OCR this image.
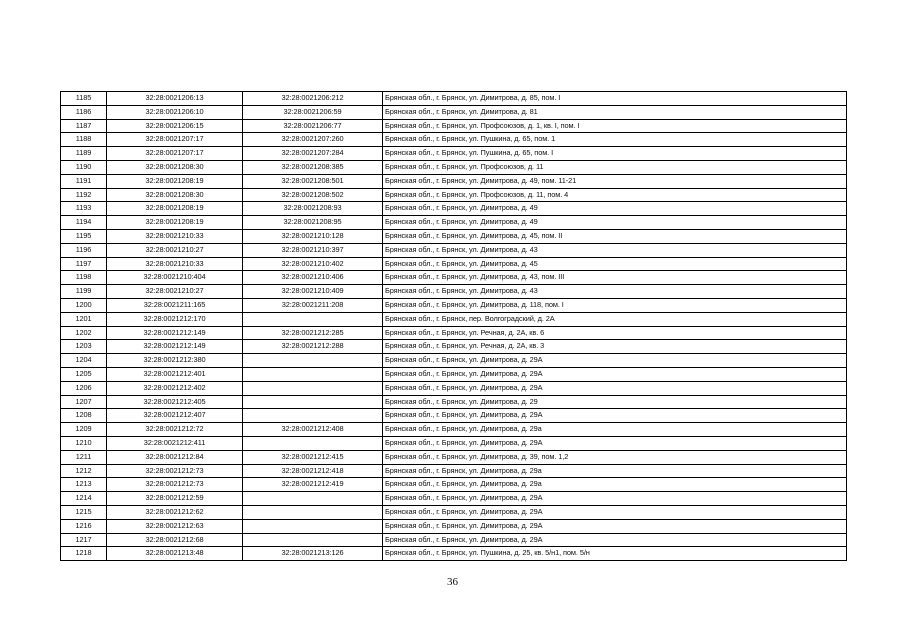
1185	32:28:0021206:13	32:28:0021206:212	Брянская обл., г. Брянск, ул. Димитрова, д. 85, пом. I
1186	32:28:0021206:10	32:28:0021206:59	Брянская обл., г. Брянск, ул. Димитрова, д. 81
1187	32:28:0021206:15	32:28:0021206:77	Брянская обл., г. Брянск, ул. Профсоюзов, д. 1, кв. I, пом. I
1188	32:28:0021207:17	32:28:0021207:260	Брянская обл., г. Брянск, ул. Пушкина, д. 65, пом. 1
1189	32:28:0021207:17	32:28:0021207:284	Брянская обл., г. Брянск, ул. Пушкина, д. 65, пом. I
1190	32:28:0021208:30	32:28:0021208:385	Брянская обл., г. Брянск, ул. Профсоюзов, д. 11
1191	32:28:0021208:19	32:28:0021208:501	Брянская обл., г. Брянск, ул. Димитрова, д. 49, пом. 11-21
1192	32:28:0021208:30	32:28:0021208:502	Брянская обл., г. Брянск, ул. Профсоюзов, д. 11, пом. 4
1193	32:28:0021208:19	32:28:0021208:93	Брянская обл., г. Брянск, ул. Димитрова, д. 49
1194	32:28:0021208:19	32:28:0021208:95	Брянская обл., г. Брянск, ул. Димитрова, д. 49
1195	32:28:0021210:33	32:28:0021210:128	Брянская обл., г. Брянск, ул. Димитрова, д. 45, пом. II
1196	32:28:0021210:27	32:28:0021210:397	Брянская обл., г. Брянск, ул. Димитрова, д. 43
1197	32:28:0021210:33	32:28:0021210:402	Брянская обл., г. Брянск, ул. Димитрова, д. 45
1198	32:28:0021210:404	32:28:0021210:406	Брянская обл., г. Брянск, ул. Димитрова, д. 43, пом. III
1199	32:28:0021210:27	32:28:0021210:409	Брянская обл., г. Брянск, ул. Димитрова, д. 43
1200	32:28:0021211:165	32:28:0021211:208	Брянская обл., г. Брянск, ул. Димитрова, д. 118, пом. I
1201	32:28:0021212:170		Брянская обл., г. Брянск, пер. Волгоградский, д. 2А
1202	32:28:0021212:149	32:28:0021212:285	Брянская обл., г. Брянск, ул. Речная, д. 2А, кв. 6
1203	32:28:0021212:149	32:28:0021212:288	Брянская обл., г. Брянск, ул. Речная, д. 2А, кв. 3
1204	32:28:0021212:380		Брянская обл., г. Брянск, ул. Димитрова, д. 29А
1205	32:28:0021212:401		Брянская обл., г. Брянск, ул. Димитрова, д. 29А
1206	32:28:0021212:402		Брянская обл., г. Брянск, ул. Димитрова, д. 29А
1207	32:28:0021212:405		Брянская обл., г. Брянск, ул. Димитрова, д. 29
1208	32:28:0021212:407		Брянская обл., г. Брянск, ул. Димитрова, д. 29А
1209	32:28:0021212:72	32:28:0021212:408	Брянская обл., г. Брянск, ул. Димитрова, д. 29а
1210	32:28:0021212:411		Брянская обл., г. Брянск, ул. Димитрова, д. 29А
1211	32:28:0021212:84	32:28:0021212:415	Брянская обл., г. Брянск, ул. Димитрова, д. 39, пом. 1,2
1212	32:28:0021212:73	32:28:0021212:418	Брянская обл., г. Брянск, ул. Димитрова, д. 29а
1213	32:28:0021212:73	32:28:0021212:419	Брянская обл., г. Брянск, ул. Димитрова, д. 29а
1214	32:28:0021212:59		Брянская обл., г. Брянск, ул. Димитрова, д. 29А
1215	32:28:0021212:62		Брянская обл., г. Брянск, ул. Димитрова, д. 29А
1216	32:28:0021212:63		Брянская обл., г. Брянск, ул. Димитрова, д. 29А
1217	32:28:0021212:68		Брянская обл., г. Брянск, ул. Димитрова, д. 29А
1218	32:28:0021213:48	32:28:0021213:126	Брянская обл., г. Брянск, ул. Пушкина, д. 25, кв. 5/н1, пом. 5/н
36
